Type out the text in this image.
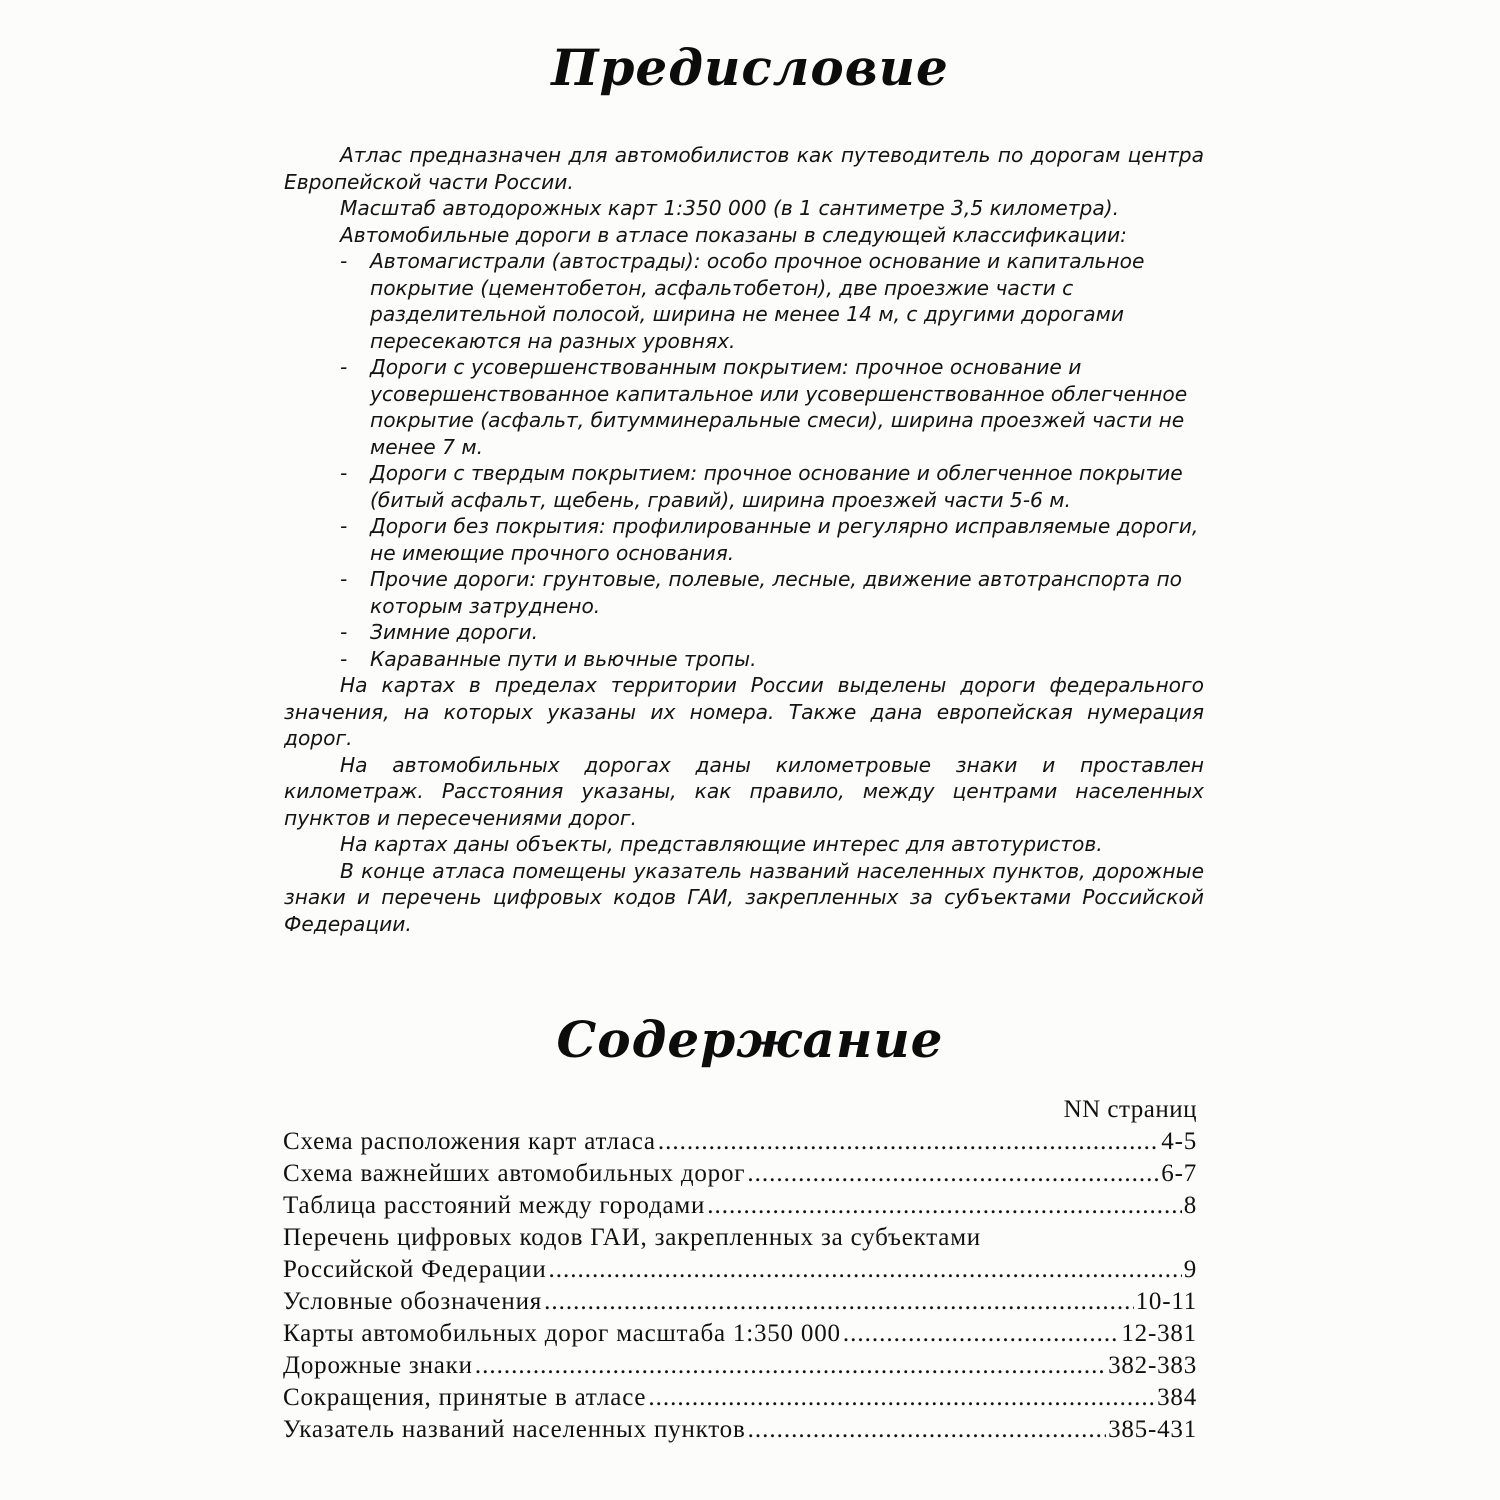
Предисловие

Атлас предназначен для автомобилистов как путеводитель по дорогам центра Европейской части России.

Масштаб автодорожных карт 1:350 000 (в 1 сантиметре 3,5 километра).

Автомобильные дороги в атласе показаны в следующей классификации:

- Автомагистрали (автострады): особо прочное основание и капитальное покрытие (цементобетон, асфальтобетон), две проезжие части с разделительной полосой, ширина не менее 14 м, с другими дорогами пересекаются на разных уровнях.
- Дороги с усовершенствованным покрытием: прочное основание и усовершенствованное капитальное или усовершенствованное облегченное покрытие (асфальт, битумминеральные смеси), ширина проезжей части не менее 7 м.
- Дороги с твердым покрытием: прочное основание и облегченное покрытие (битый асфальт, щебень, гравий), ширина проезжей части 5-6 м.
- Дороги без покрытия: профилированные и регулярно исправляемые дороги, не имеющие прочного основания.
- Прочие дороги: грунтовые, полевые, лесные, движение автотранспорта по которым затруднено.
- Зимние дороги.
- Караванные пути и вьючные тропы.

На картах в пределах территории России выделены дороги федерального значения, на которых указаны их номера. Также дана европейская нумерация дорог.

На автомобильных дорогах даны километровые знаки и проставлен километраж. Расстояния указаны, как правило, между центрами населенных пунктов и пересечениями дорог.

На картах даны объекты, представляющие интерес для автотуристов.

В конце атласа помещены указатель названий населенных пунктов, дорожные знаки и перечень цифровых кодов ГАИ, закрепленных за субъектами Российской Федерации.

Содержание
NN страниц
Схема расположения карт атласа .....	4-5
Схема важнейших автомобильных дорог .....	6-7
Таблица расстояний между городами .....	8
Перечень цифровых кодов ГАИ, закрепленных за субъектами
Российской Федерации .....	9
Условные обозначения .....	10-11
Карты автомобильных дорог масштаба 1:350 000 .....	12-381
Дорожные знаки .....	382-383
Сокращения, принятые в атласе .....	384
Указатель названий населенных пунктов .....	385-431
